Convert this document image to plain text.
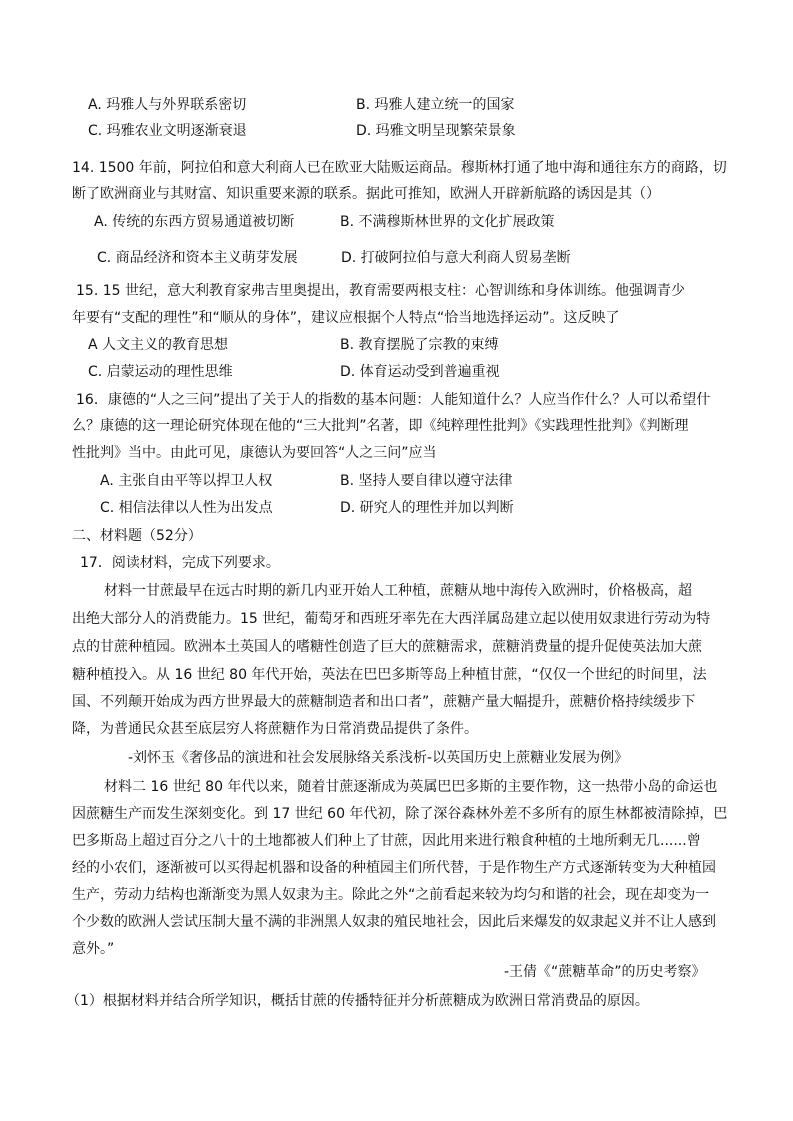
A. 玛雅人与外界联系密切	B. 玛雅人建立统一的国家
C. 玛雅农业文明逐渐衰退	D. 玛雅文明呈现繁荣景象
14. 1500 年前，阿拉伯和意大利商人已在欧亚大陆贩运商品。穆斯林打通了地中海和通往东方的商路，切
断了欧洲商业与其财富、知识重要来源的联系。据此可推知，欧洲人开辟新航路的诱因是其（）
A. 传统的东西方贸易通道被切断	B. 不满穆斯林世界的文化扩展政策
C. 商品经济和资本主义萌芽发展	D. 打破阿拉伯与意大利商人贸易垄断
15. 15 世纪，意大利教育家弗吉里奥提出，教育需要两根支柱：心智训练和身体训练。他强调青少
年要有“支配的理性”和“顺从的身体”，建议应根据个人特点“恰当地选择运动”。这反映了
A 人文主义的教育思想	B. 教育摆脱了宗教的束缚
C. 启蒙运动的理性思维	D. 体育运动受到普遍重视
16．康德的“人之三问”提出了关于人的指数的基本问题：人能知道什么？人应当作什么？人可以希望什
么？康德的这一理论研究体现在他的“三大批判”名著，即《纯粹理性批判》《实践理性批判》《判断理
性批判》当中。由此可见，康德认为要回答“人之三问”应当
A. 主张自由平等以捍卫人权	B. 坚持人要自律以遵守法律
C. 相信法律以人性为出发点	D. 研究人的理性并加以判断
二、材料题（52分）
17．阅读材料，完成下列要求。
材料一甘蔗最早在远古时期的新几内亚开始人工种植，蔗糖从地中海传入欧洲时，价格极高，超
出绝大部分人的消费能力。15 世纪，葡萄牙和西班牙率先在大西洋属岛建立起以使用奴隶进行劳动为特
点的甘蔗种植园。欧洲本土英国人的嗜糖性创造了巨大的蔗糖需求，蔗糖消费量的提升促使英法加大蔗
糖种植投入。从 16 世纪 80 年代开始，英法在巴巴多斯等岛上种植甘蔗，“仅仅一个世纪的时间里，法
国、不列颠开始成为西方世界最大的蔗糖制造者和出口者”，蔗糖产量大幅提升，蔗糖价格持续缓步下
降，为普通民众甚至底层穷人将蔗糖作为日常消费品提供了条件。
-刘怀玉《奢侈品的演进和社会发展脉络关系浅析-以英国历史上蔗糖业发展为例》
材料二 16 世纪 80 年代以来，随着甘蔗逐渐成为英属巴巴多斯的主要作物，这一热带小岛的命运也
因蔗糖生产而发生深刻变化。到 17 世纪 60 年代初，除了深谷森林外差不多所有的原生林都被清除掉，巴
巴多斯岛上超过百分之八十的土地都被人们种上了甘蔗，因此用来进行粮食种植的土地所剩无几......曾
经的小农们，逐渐被可以买得起机器和设备的种植园主们所代替，于是作物生产方式逐渐转变为大种植园
生产，劳动力结构也渐渐变为黑人奴隶为主。除此之外“之前看起来较为均匀和谐的社会，现在却变为一
个少数的欧洲人尝试压制大量不满的非洲黑人奴隶的殖民地社会，因此后来爆发的奴隶起义并不让人感到
意外。”
-王倩《“蔗糖革命”的历史考察》
（1）根据材料并结合所学知识，概括甘蔗的传播特征并分析蔗糖成为欧洲日常消费品的原因。
